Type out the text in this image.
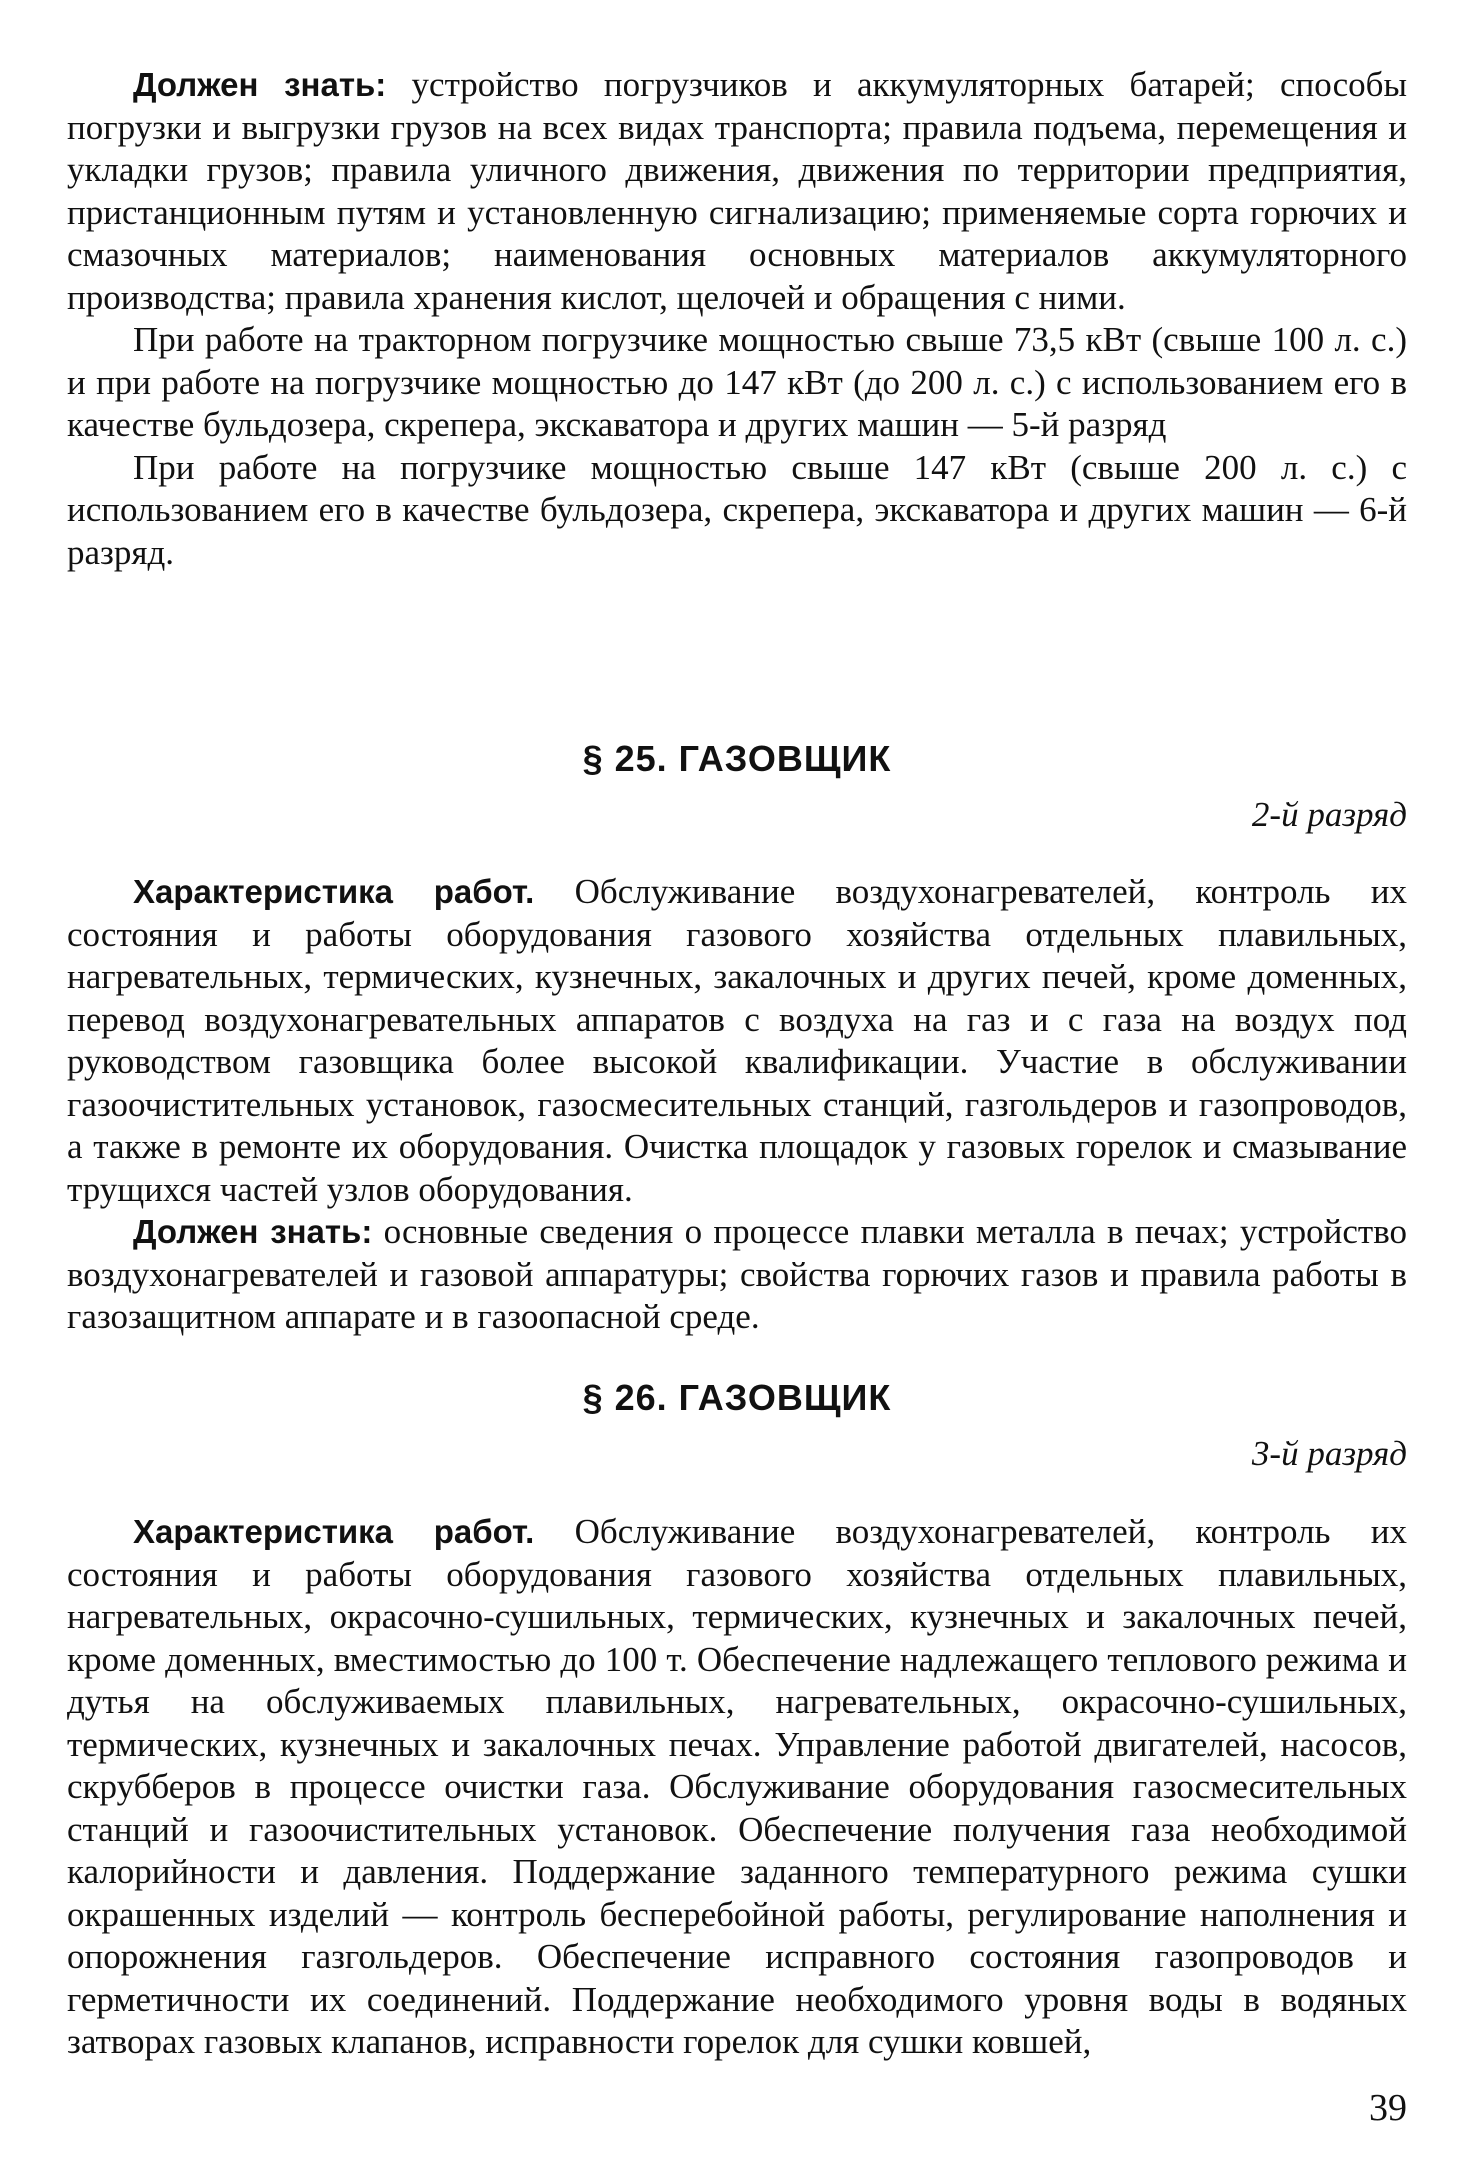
Должен знать: устройство погрузчиков и аккумуляторных батарей; способы погрузки и выгрузки грузов на всех видах транспорта; правила подъема, перемещения и укладки грузов; правила уличного движения, движения по территории предприятия, пристанционным путям и установленную сигнализацию; применяемые сорта горючих и смазочных материалов; наименования основных материалов аккумуляторного производства; правила хранения кислот, щелочей и обращения с ними.

При работе на тракторном погрузчике мощностью свыше 73,5 кВт (свыше 100 л. с.) и при работе на погрузчике мощностью до 147 кВт (до 200 л. с.) с использованием его в качестве бульдозера, скрепера, экскаватора и других машин — 5-й разряд

При работе на погрузчике мощностью свыше 147 кВт (свыше 200 л. с.) с использованием его в качестве бульдозера, скрепера, экскаватора и других машин — 6-й разряд.

§ 25. ГАЗОВЩИК
2-й разряд

Характеристика работ. Обслуживание воздухонагревателей, контроль их состояния и работы оборудования газового хозяйства отдельных плавильных, нагревательных, термических, кузнечных, закалочных и других печей, кроме доменных, перевод воздухонагревательных аппаратов с воздуха на газ и с газа на воздух под руководством газовщика более высокой квалификации. Участие в обслуживании газоочистительных установок, газосмесительных станций, газгольдеров и газопроводов, а также в ремонте их оборудования. Очистка площадок у газовых горелок и смазывание трущихся частей узлов оборудования.

Должен знать: основные сведения о процессе плавки металла в печах; устройство воздухонагревателей и газовой аппаратуры; свойства горючих газов и правила работы в газозащитном аппарате и в газоопасной среде.

§ 26. ГАЗОВЩИК
3-й разряд

Характеристика работ. Обслуживание воздухонагревателей, контроль их состояния и работы оборудования газового хозяйства отдельных плавильных, нагревательных, окрасочно-сушильных, термических, кузнечных и закалочных печей, кроме доменных, вместимостью до 100 т. Обеспечение надлежащего теплового режима и дутья на обслуживаемых плавильных, нагревательных, окрасочно-сушильных, термических, кузнечных и закалочных печах. Управление работой двигателей, насосов, скрубберов в процессе очистки газа. Обслуживание оборудования газосмесительных станций и газоочистительных установок. Обеспечение получения газа необходимой калорийности и давления. Поддержание заданного температурного режима сушки окрашенных изделий — контроль бесперебойной работы, регулирование наполнения и опорожнения газгольдеров. Обеспечение исправного состояния газопроводов и герметичности их соединений. Поддержание необходимого уровня воды в водяных затворах газовых клапанов, исправности горелок для сушки ковшей,

39
